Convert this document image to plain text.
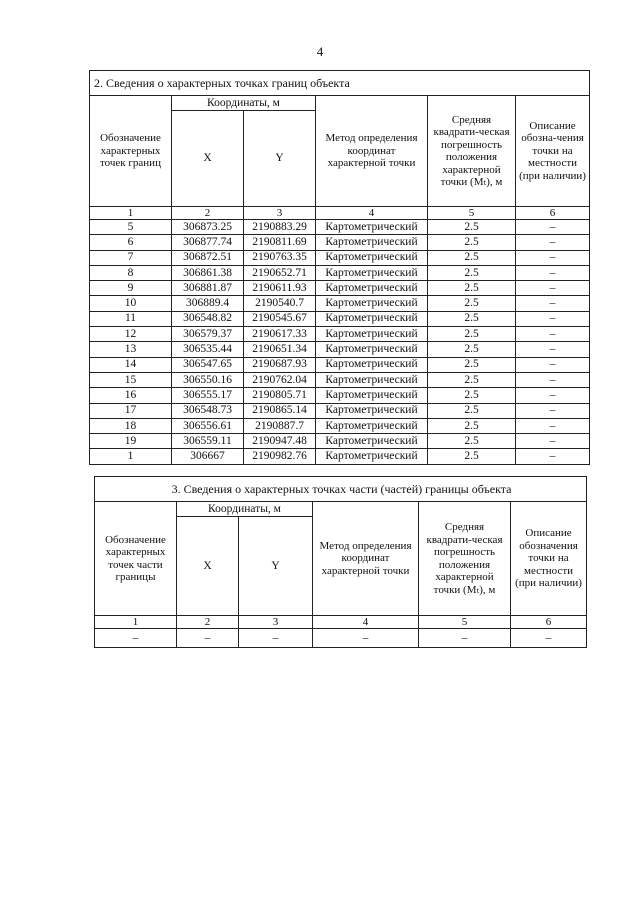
4
2. Сведения о характерных точках границ объекта					
Обозначение характерных точек границ	Координаты, м		Метод определения координат характерной точки	Средняя квадрати-ческая погрешность положения характерной точки (Mₜ), м	Описание обозна-чения точки на местности (при наличии)
	X	Y			
1	2	3	4	5	6
5	306873.25	2190883.29	Картометрический	2.5	–
6	306877.74	2190811.69	Картометрический	2.5	–
7	306872.51	2190763.35	Картометрический	2.5	–
8	306861.38	2190652.71	Картометрический	2.5	–
9	306881.87	2190611.93	Картометрический	2.5	–
10	306889.4	2190540.7	Картометрический	2.5	–
11	306548.82	2190545.67	Картометрический	2.5	–
12	306579.37	2190617.33	Картометрический	2.5	–
13	306535.44	2190651.34	Картометрический	2.5	–
14	306547.65	2190687.93	Картометрический	2.5	–
15	306550.16	2190762.04	Картометрический	2.5	–
16	306555.17	2190805.71	Картометрический	2.5	–
17	306548.73	2190865.14	Картометрический	2.5	–
18	306556.61	2190887.7	Картометрический	2.5	–
19	306559.11	2190947.48	Картометрический	2.5	–
1	306667	2190982.76	Картометрический	2.5	–
3. Сведения о характерных точках части (частей) границы объекта					
Обозначение характерных точек части границы	Координаты, м		Метод определения координат характерной точки	Средняя квадрати-ческая погрешность положения характерной точки (Mₜ), м	Описание обозначения точки на местности (при наличии)
	X	Y			
1	2	3	4	5	6
–	–	–	–	–	–
